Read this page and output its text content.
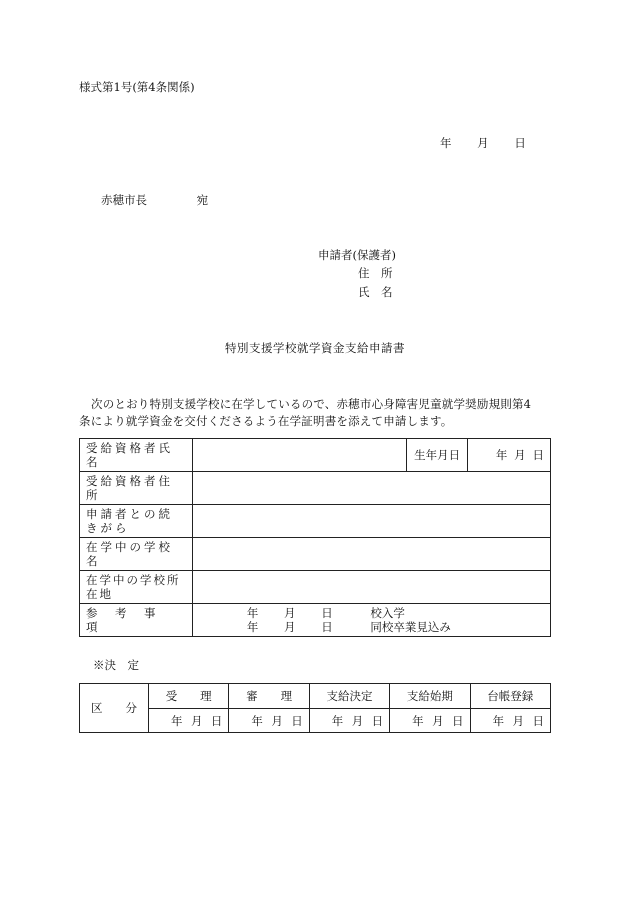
様式第1号(第4条関係)
年 月 日
赤穂市長	宛
申請者(保護者)
住　所
氏　名
特別支援学校就学資金支給申請書
次のとおり特別支援学校に在学しているので、赤穂市心身障害児童就学奨励規則第4
条により就学資金を交付くださるよう在学証明書を添えて申請します。
受給資格者氏名		生年月日	年 月 日

受給資格者住所			
申請者との続きがら			
在学中の学校名			
在学中の学校所在地			
参　考　事　項	年 月 日 校入学
年 月 日 同校卒業見込み		
※決　定
区　　分	受　　理	審　　理	支給決定	支給始期	台帳登録

	年 月 日	年 月 日	年 月 日	年 月 日	年 月 日
